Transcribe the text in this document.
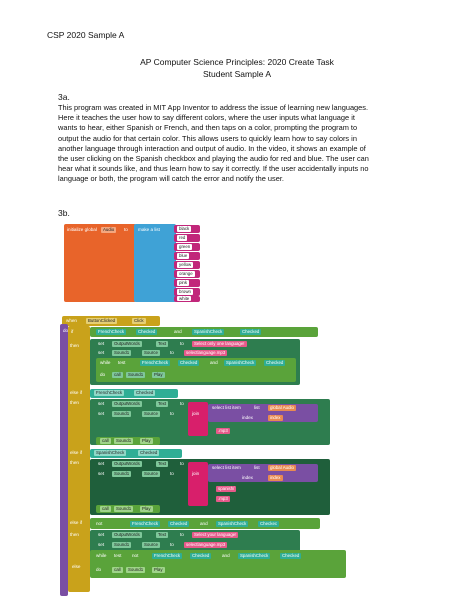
CSP 2020 Sample A
AP Computer Science Principles: 2020 Create Task
Student Sample A
3a.
This program was created in MIT App Inventor to address the issue of learning new languages.
Here it teaches the user how to say different colors, where the user inputs what language it
wants to hear, either Spanish or French, and then taps on a color, prompting the program to
output the audio for that certain color. This allows users to quickly learn how to say colors in
another language through interaction and output of audio. In the video, it shows an example of
the user clicking on the Spanish checkbox and playing the audio for red and blue. The user can
hear what it sounds like, and thus learn how to say it correctly. If the user accidentally inputs no
language or both, the program will catch the error and notify the user.
3b.
initialize global	Audio	to make a list	black
red
green
blue
yellow
orange
pink
brown
white
when	ButtonClicked	Click
do if
then
FrenchCheck	Checked	and	SpanishCheck	Checked
set	OutputWords	Text	to	Select only one language!
set	Sound1	Source	to	selectlanguage.mp3
while test	FrenchCheck	Checked	and	SpanishCheck	Checked
do	call	Sound1	Play
else if	FrenchCheck	Checked
then	set	OutputWords	Text	to
set	Sound1	Source	to	join
select list item	list	global Audio
index	index
.mp3
call	Sound1	Play
else if	SpanishCheck	Checked
then	set	OutputWords	Text	to
set	Sound1	Source	to	join
select list item	list	global Audio
index	index
spanish/
.mp3
call	Sound1	Play
else if	not	FrenchCheck	Checked	and	SpanishCheck	Checkec
then	set	OutputWords	Text	to	Select your language!
set	Sound1	Source	to	selectlanguage.mp3
else
while test not	FrenchCheck	Checked	and	SpanishCheck	Checked
do	call	Sound1	Play
